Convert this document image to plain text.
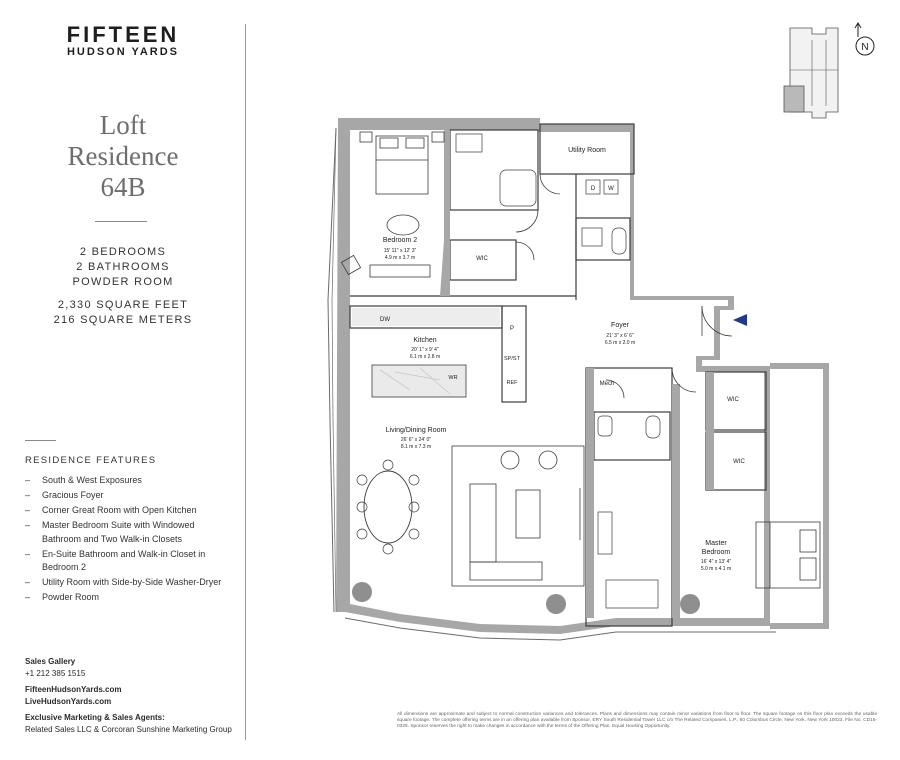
FIFTEEN
HUDSON YARDS
Loft
Residence
64B
2 BEDROOMS
2 BATHROOMS
POWDER ROOM
2,330 SQUARE FEET
216 SQUARE METERS
RESIDENCE FEATURES
– South & West Exposures
– Gracious Foyer
– Corner Great Room with Open Kitchen
– Master Bedroom Suite with Windowed Bathroom and Two Walk-in Closets
– En-Suite Bathroom and Walk-in Closet in Bedroom 2
– Utility Room with Side-by-Side Washer-Dryer
– Powder Room
Sales Gallery
+1 212 385 1515
FifteenHudsonYards.com
LiveHudsonYards.com
Exclusive Marketing & Sales Agents:
Related Sales LLC & Corcoran Sunshine Marketing Group
N
Utility Room
D W
Bedroom 2
15' 11" x 12' 3"
4.9 m x 3.7 m	WIC
DW
P
SP/ST
REF
WR
Kitchen
20' 1" x 9' 4"
6.1 m x 2.8 m
Foyer
21' 3" x 6' 6"
6.5 m x 2.0 m
Mech
Living/Dining Room
26' 6" x 24' 0"
8.1 m x 7.3 m
WIC
WIC
Master
Bedroom
16' 4" x 13' 4"
5.0 m x 4.1 m
All dimensions are approximate and subject to normal construction variances and tolerances. Plans and dimensions may contain minor variations from floor to floor. The square footage on this floor plan exceeds the usable square footage. The complete offering terms are in an offering plan available from Sponsor, ERY South Residential Tower LLC c/o The Related Companies, L.P., 60 Columbus Circle, New York, New York 10023. File No. CD15-0325. Sponsor reserves the right to make changes in accordance with the terms of the Offering Plan. Equal Housing Opportunity.
